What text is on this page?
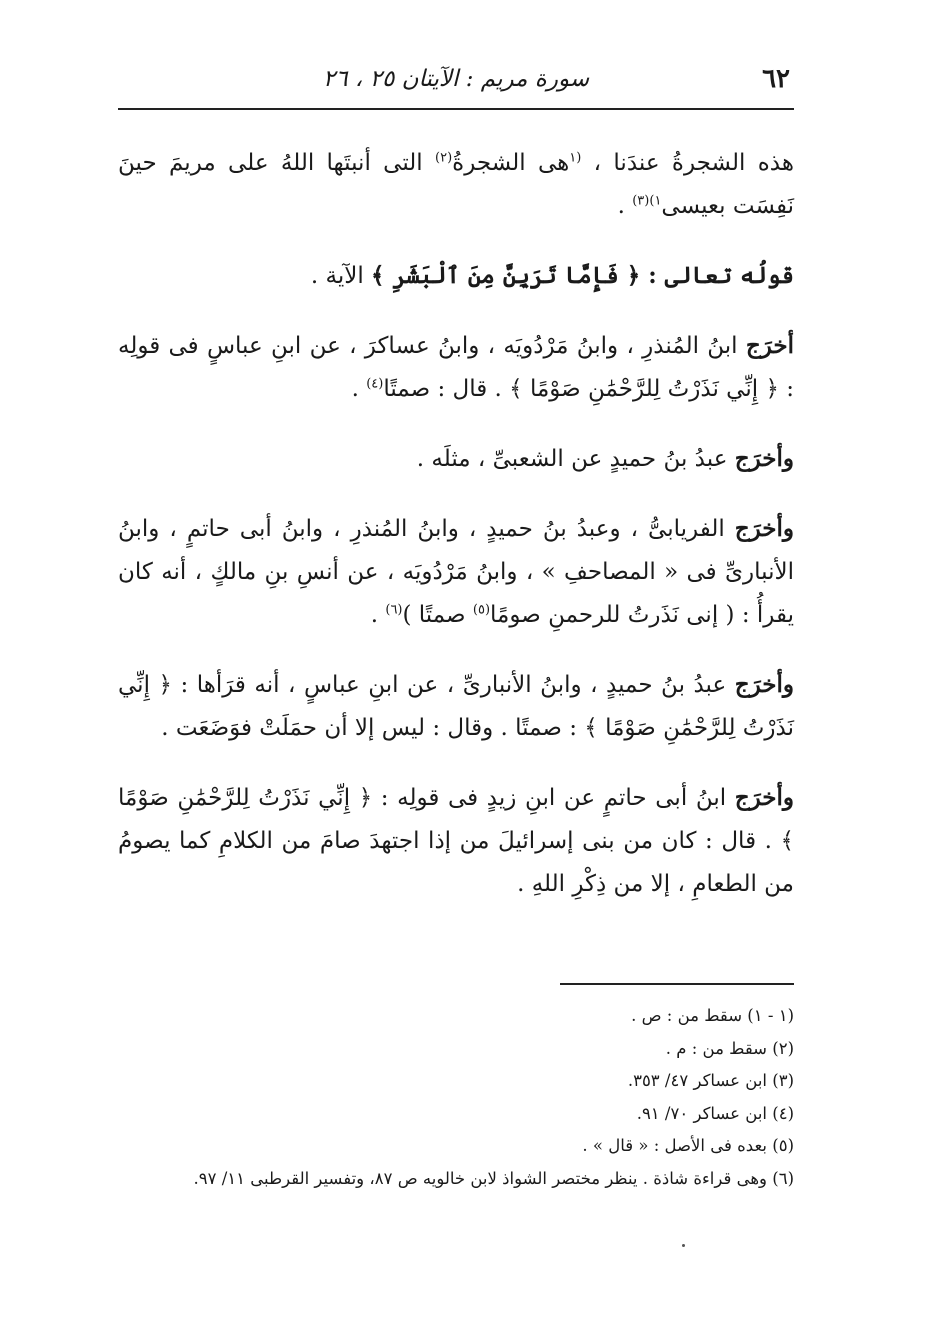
٦٢
سورة مريم : الآيتان ٢٥ ، ٢٦

هذه الشجرةُ عندَنا ، $^{(١}$هى الشجرةُ$^{(٢)}$ التى أنبتَها اللهُ على مريمَ حينَ نَفِسَت بعيسى$^{١)(٣)}$ .

قولُه تعالى : ﴿ فَإِمَّا تَرَيِنَّ مِنَ ٱلْبَشَرِ ﴾ الآية .

أخرَج ابنُ المُنذرِ ، وابنُ مَرْدُويَه ، وابنُ عساكرَ ، عن ابنِ عباسٍ فى قولِه : ﴿ إِنِّي نَذَرْتُ لِلرَّحْمَٰنِ صَوْمًا ﴾ . قال : صمتًا$^{(٤)}$ .

وأخرَج عبدُ بنُ حميدٍ عن الشعبىِّ ، مثلَه .

وأخرَج الفريابىُّ ، وعبدُ بنُ حميدٍ ، وابنُ المُنذرِ ، وابنُ أبى حاتمٍ ، وابنُ الأنبارىِّ فى « المصاحفِ » ، وابنُ مَرْدُويَه ، عن أنسِ بنِ مالكٍ ، أنه كان يقرأُ : ( إنى نَذَرتُ للرحمنِ صومًا$^{(٥)}$ صمتًا )$^{(٦)}$ .

وأخرَج عبدُ بنُ حميدٍ ، وابنُ الأنبارىِّ ، عن ابنِ عباسٍ ، أنه قرَأها : ﴿ إِنِّي نَذَرْتُ لِلرَّحْمَٰنِ صَوْمًا ﴾ : صمتًا . وقال : ليس إلا أن حمَلَتْ فوَضَعَت .

وأخرَج ابنُ أبى حاتمٍ عن ابنِ زيدٍ فى قولِه : ﴿ إِنِّي نَذَرْتُ لِلرَّحْمَٰنِ صَوْمًا ﴾ . قال : كان من بنى إسرائيلَ من إذا اجتهدَ صامَ من الكلامِ كما يصومُ من الطعامِ ، إلا من ذِكْرِ اللهِ .

(١ - ١) سقط من : ص .
(٢) سقط من : م .
(٣) ابن عساكر ٤٧/ ٣٥٣.
(٤) ابن عساكر ٧٠/ ٩١.
(٥) بعده فى الأصل : « قال » .
(٦) وهى قراءة شاذة . ينظر مختصر الشواذ لابن خالويه ص ٨٧، وتفسير القرطبى ١١/ ٩٧.
